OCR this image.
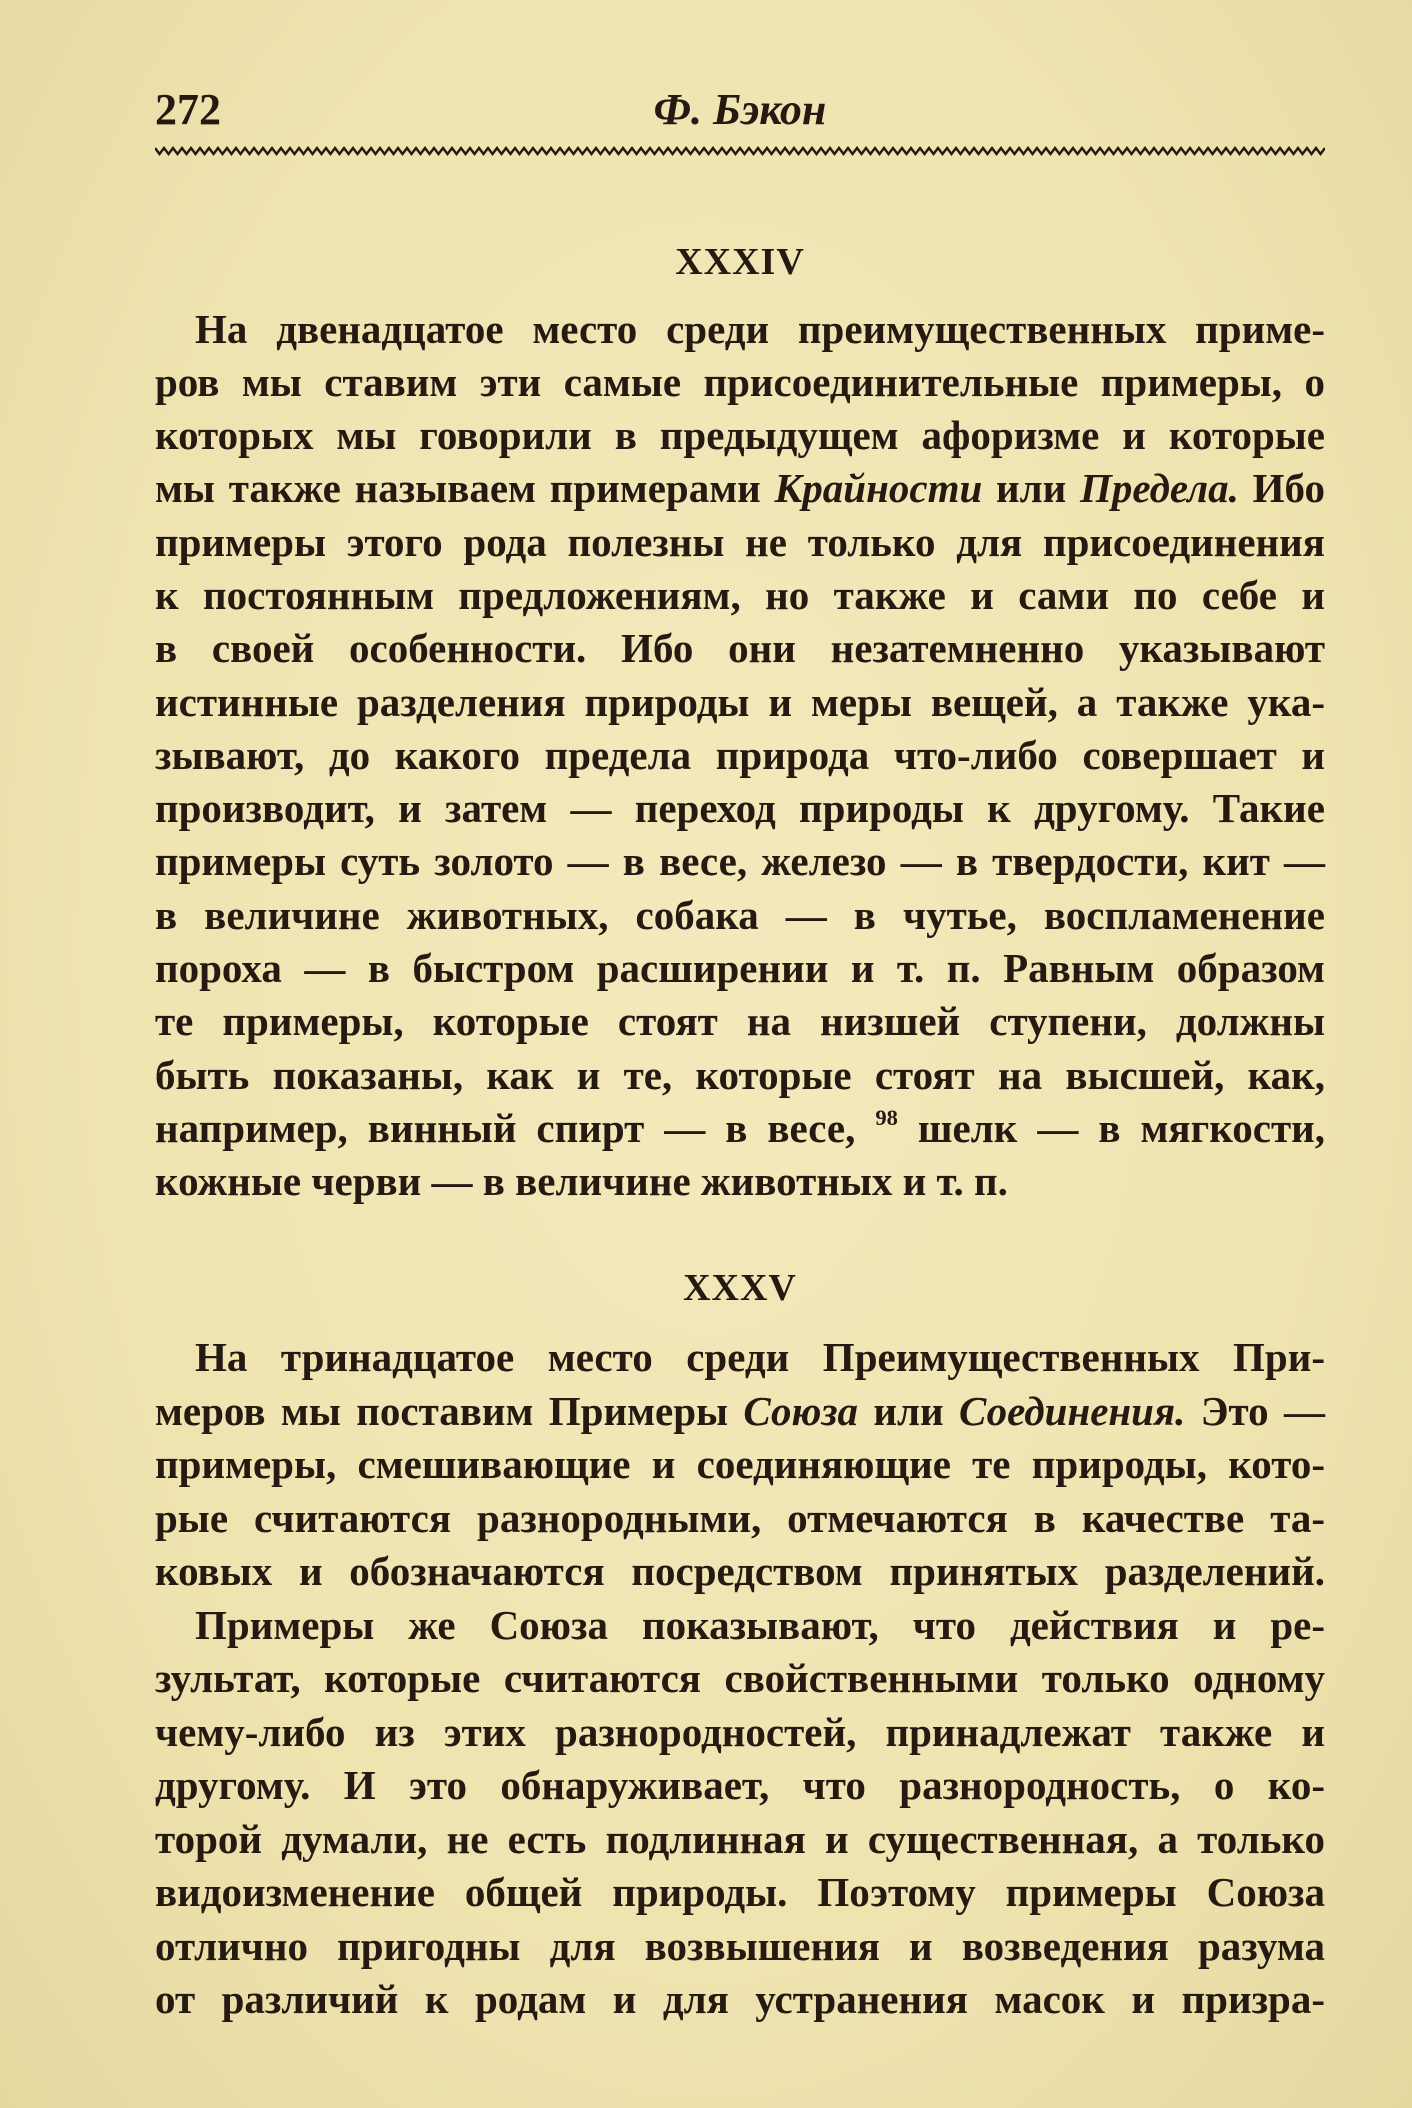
272	Ф. Бэкон
XXXIV
На двенадцатое место среди преимущественных приме-
ров мы ставим эти самые присоединительные примеры, о
которых мы говорили в предыдущем афоризме и которые
мы также называем примерами Крайности или Предела. Ибо
примеры этого рода полезны не только для присоединения
к постоянным предложениям, но также и сами по себе и
в своей особенности. Ибо они незатемненно указывают
истинные разделения природы и меры вещей, а также ука-
зывают, до какого предела природа что-либо совершает и
производит, и затем — переход природы к другому. Такие
примеры суть золото — в весе, железо — в твердости, кит —
в величине животных, собака — в чутье, воспламенение
пороха — в быстром расширении и т. п. Равным образом
те примеры, которые стоят на низшей ступени, должны
быть показаны, как и те, которые стоят на высшей, как,
например, винный спирт — в весе, $^{98}$ шелк — в мягкости,
кожные черви — в величине животных и т. п.
XXXV
На тринадцатое место среди Преимущественных При-
меров мы поставим Примеры Союза или Соединения. Это —
примеры, смешивающие и соединяющие те природы, кото-
рые считаются разнородными, отмечаются в качестве та-
ковых и обозначаются посредством принятых разделений.
Примеры же Союза показывают, что действия и ре-
зультат, которые считаются свойственными только одному
чему-либо из этих разнородностей, принадлежат также и
другому. И это обнаруживает, что разнородность, о ко-
торой думали, не есть подлинная и существенная, а только
видоизменение общей природы. Поэтому примеры Союза
отлично пригодны для возвышения и возведения разума
от различий к родам и для устранения масок и призра-
